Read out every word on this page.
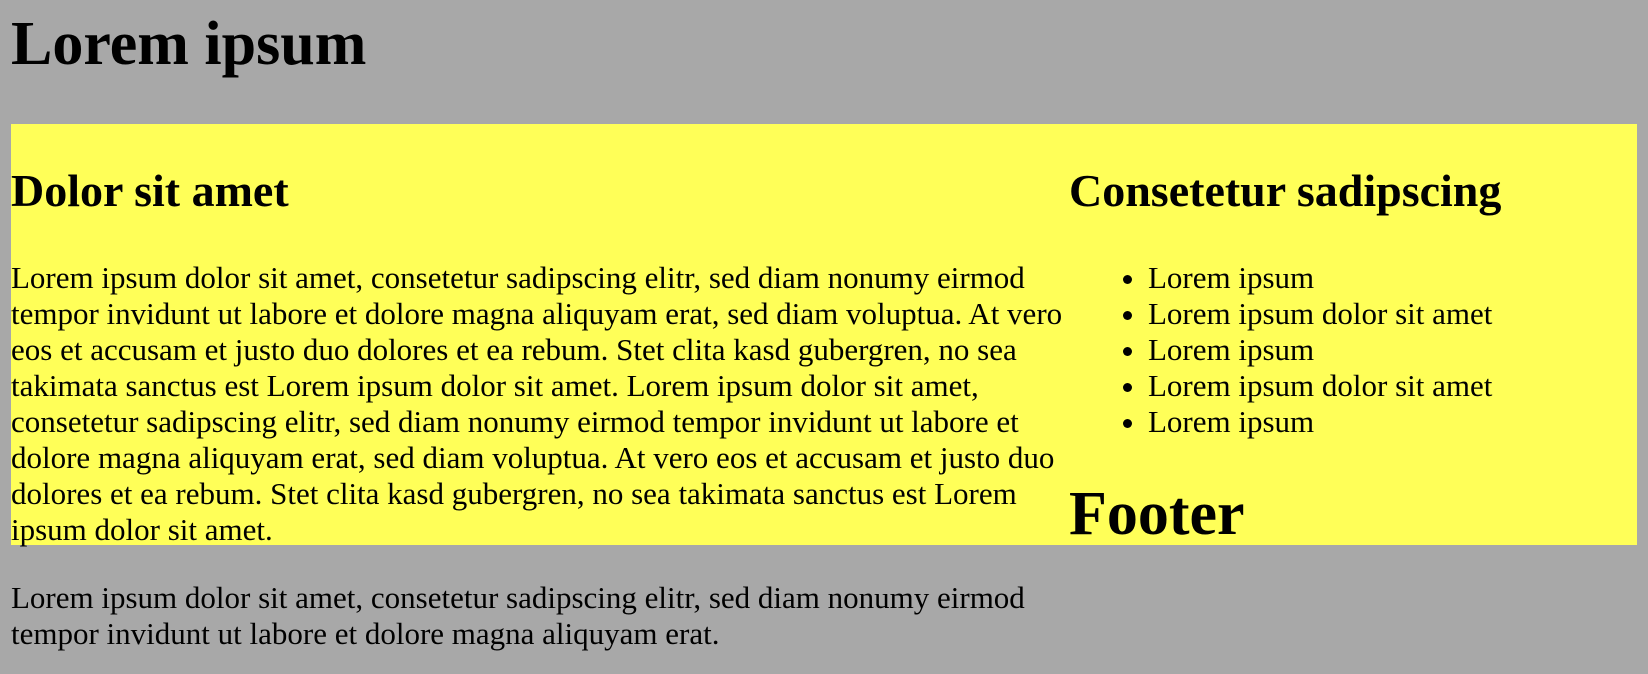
Lorem ipsum
Dolor sit amet

Lorem ipsum dolor sit amet, consetetur sadipscing elitr, sed diam nonumy eirmod tempor invidunt ut labore et dolore magna aliquyam erat, sed diam voluptua. At vero eos et accusam et justo duo dolores et ea rebum. Stet clita kasd gubergren, no sea takimata sanctus est Lorem ipsum dolor sit amet. Lorem ipsum dolor sit amet, consetetur sadipscing elitr, sed diam nonumy eirmod tempor invidunt ut labore et dolore magna aliquyam erat, sed diam voluptua. At vero eos et accusam et justo duo dolores et ea rebum. Stet clita kasd gubergren, no sea takimata sanctus est Lorem ipsum dolor sit amet.

Lorem ipsum dolor sit amet, consetetur sadipscing elitr, sed diam nonumy eirmod tempor invidunt ut labore et dolore magna aliquyam erat.

Consetetur sadipscing
• Lorem ipsum
• Lorem ipsum dolor sit amet
• Lorem ipsum
• Lorem ipsum dolor sit amet
• Lorem ipsum
Footer
